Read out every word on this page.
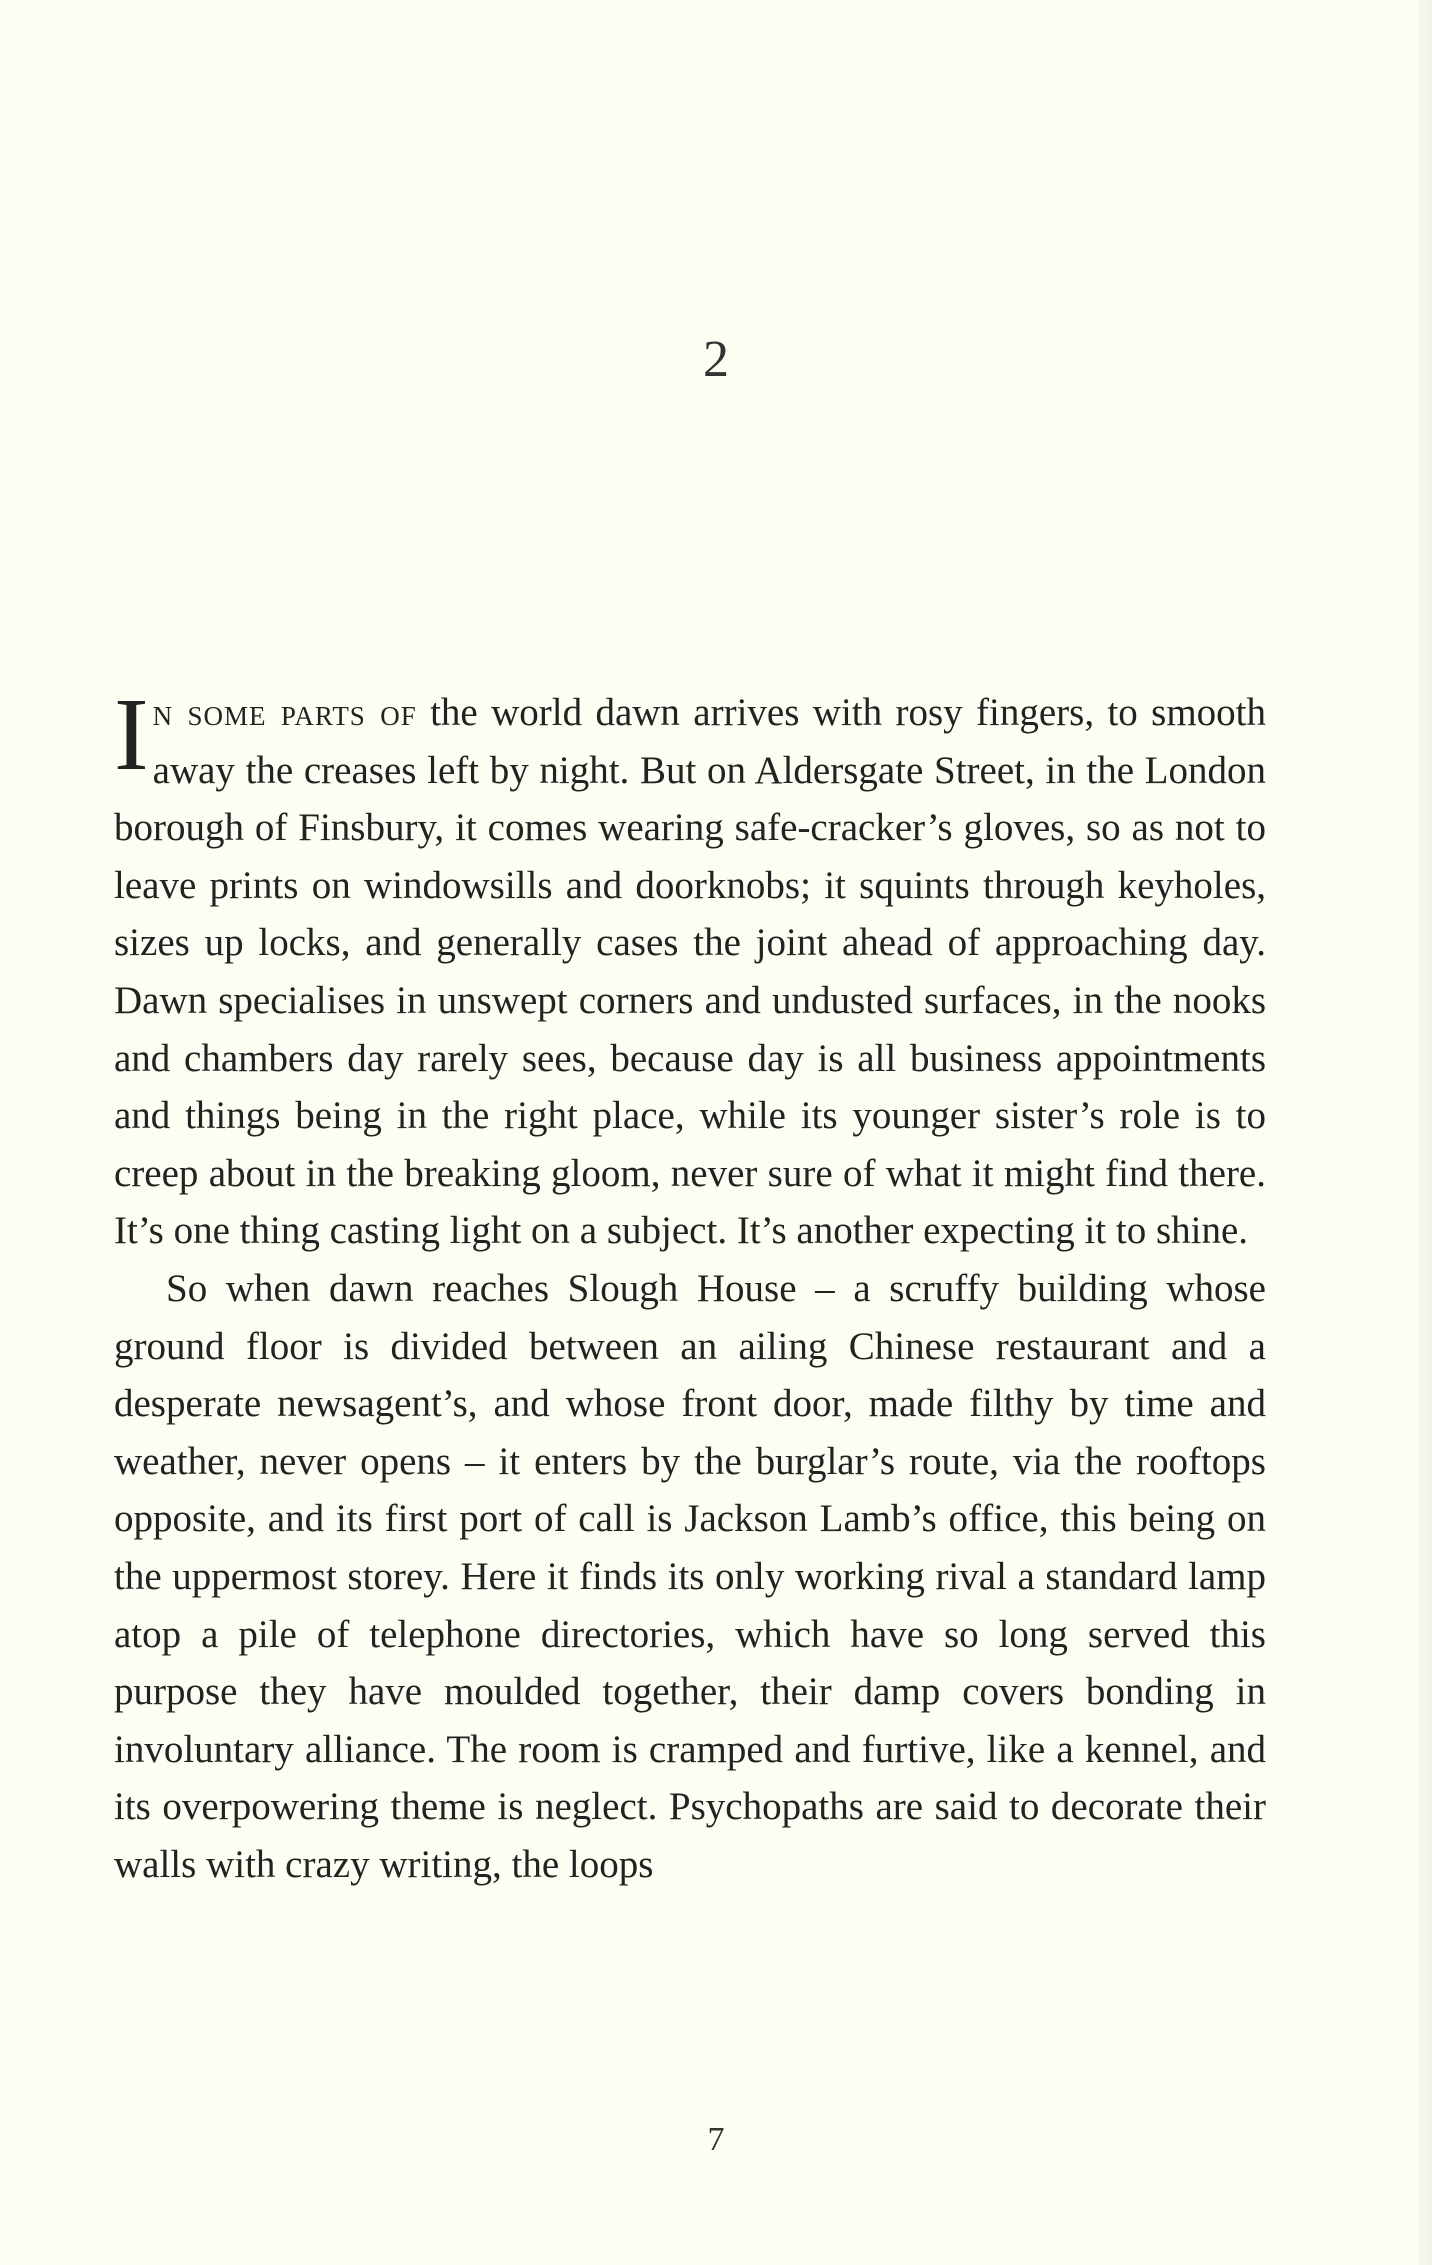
2

In some parts of the world dawn arrives with rosy fingers, to smooth away the creases left by night. But on Aldersgate Street, in the London borough of Finsbury, it comes wearing safe-cracker’s gloves, so as not to leave prints on windowsills and doorknobs; it squints through keyholes, sizes up locks, and generally cases the joint ahead of approaching day. Dawn specialises in unswept corners and undusted surfaces, in the nooks and chambers day rarely sees, because day is all business appointments and things being in the right place, while its younger sister’s role is to creep about in the breaking gloom, never sure of what it might find there. It’s one thing casting light on a subject. It’s another expecting it to shine.

So when dawn reaches Slough House – a scruffy building whose ground floor is divided between an ailing Chinese restaurant and a desperate newsagent’s, and whose front door, made filthy by time and weather, never opens – it enters by the burglar’s route, via the rooftops opposite, and its first port of call is Jackson Lamb’s office, this being on the uppermost storey. Here it finds its only working rival a standard lamp atop a pile of telephone directories, which have so long served this purpose they have moulded together, their damp covers bonding in involuntary alliance. The room is cramped and furtive, like a kennel, and its overpowering theme is neglect. Psychopaths are said to decorate their walls with crazy writing, the loops

7
